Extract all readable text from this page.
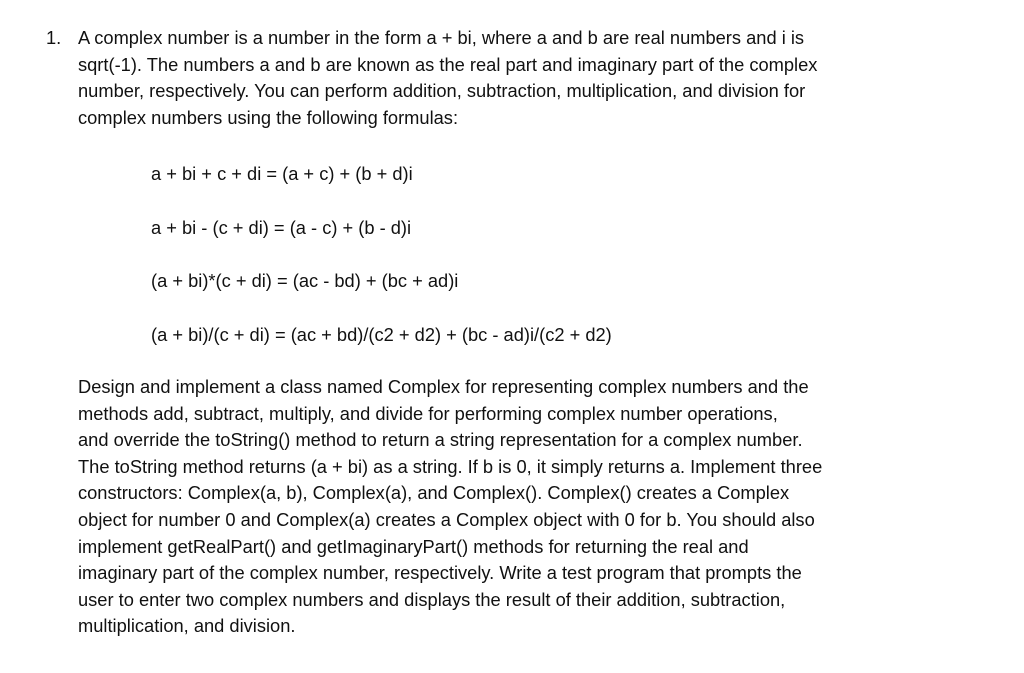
1. A complex number is a number in the form a + bi, where a and b are real numbers and i is
sqrt(-1). The numbers a and b are known as the real part and imaginary part of the complex
number, respectively. You can perform addition, subtraction, multiplication, and division for
complex numbers using the following formulas:

a + bi + c + di = (a + c) + (b + d)i
a + bi - (c + di) = (a - c) + (b - d)i
(a + bi)*(c + di) = (ac - bd) + (bc + ad)i
(a + bi)/(c + di) = (ac + bd)/(c2 + d2) + (bc - ad)i/(c2 + d2)

Design and implement a class named Complex for representing complex numbers and the
methods add, subtract, multiply, and divide for performing complex number operations,
and override the toString() method to return a string representation for a complex number.
The toString method returns (a + bi) as a string. If b is 0, it simply returns a. Implement three
constructors: Complex(a, b), Complex(a), and Complex(). Complex() creates a Complex
object for number 0 and Complex(a) creates a Complex object with 0 for b. You should also
implement getRealPart() and getImaginaryPart() methods for returning the real and
imaginary part of the complex number, respectively. Write a test program that prompts the
user to enter two complex numbers and displays the result of their addition, subtraction,
multiplication, and division.
